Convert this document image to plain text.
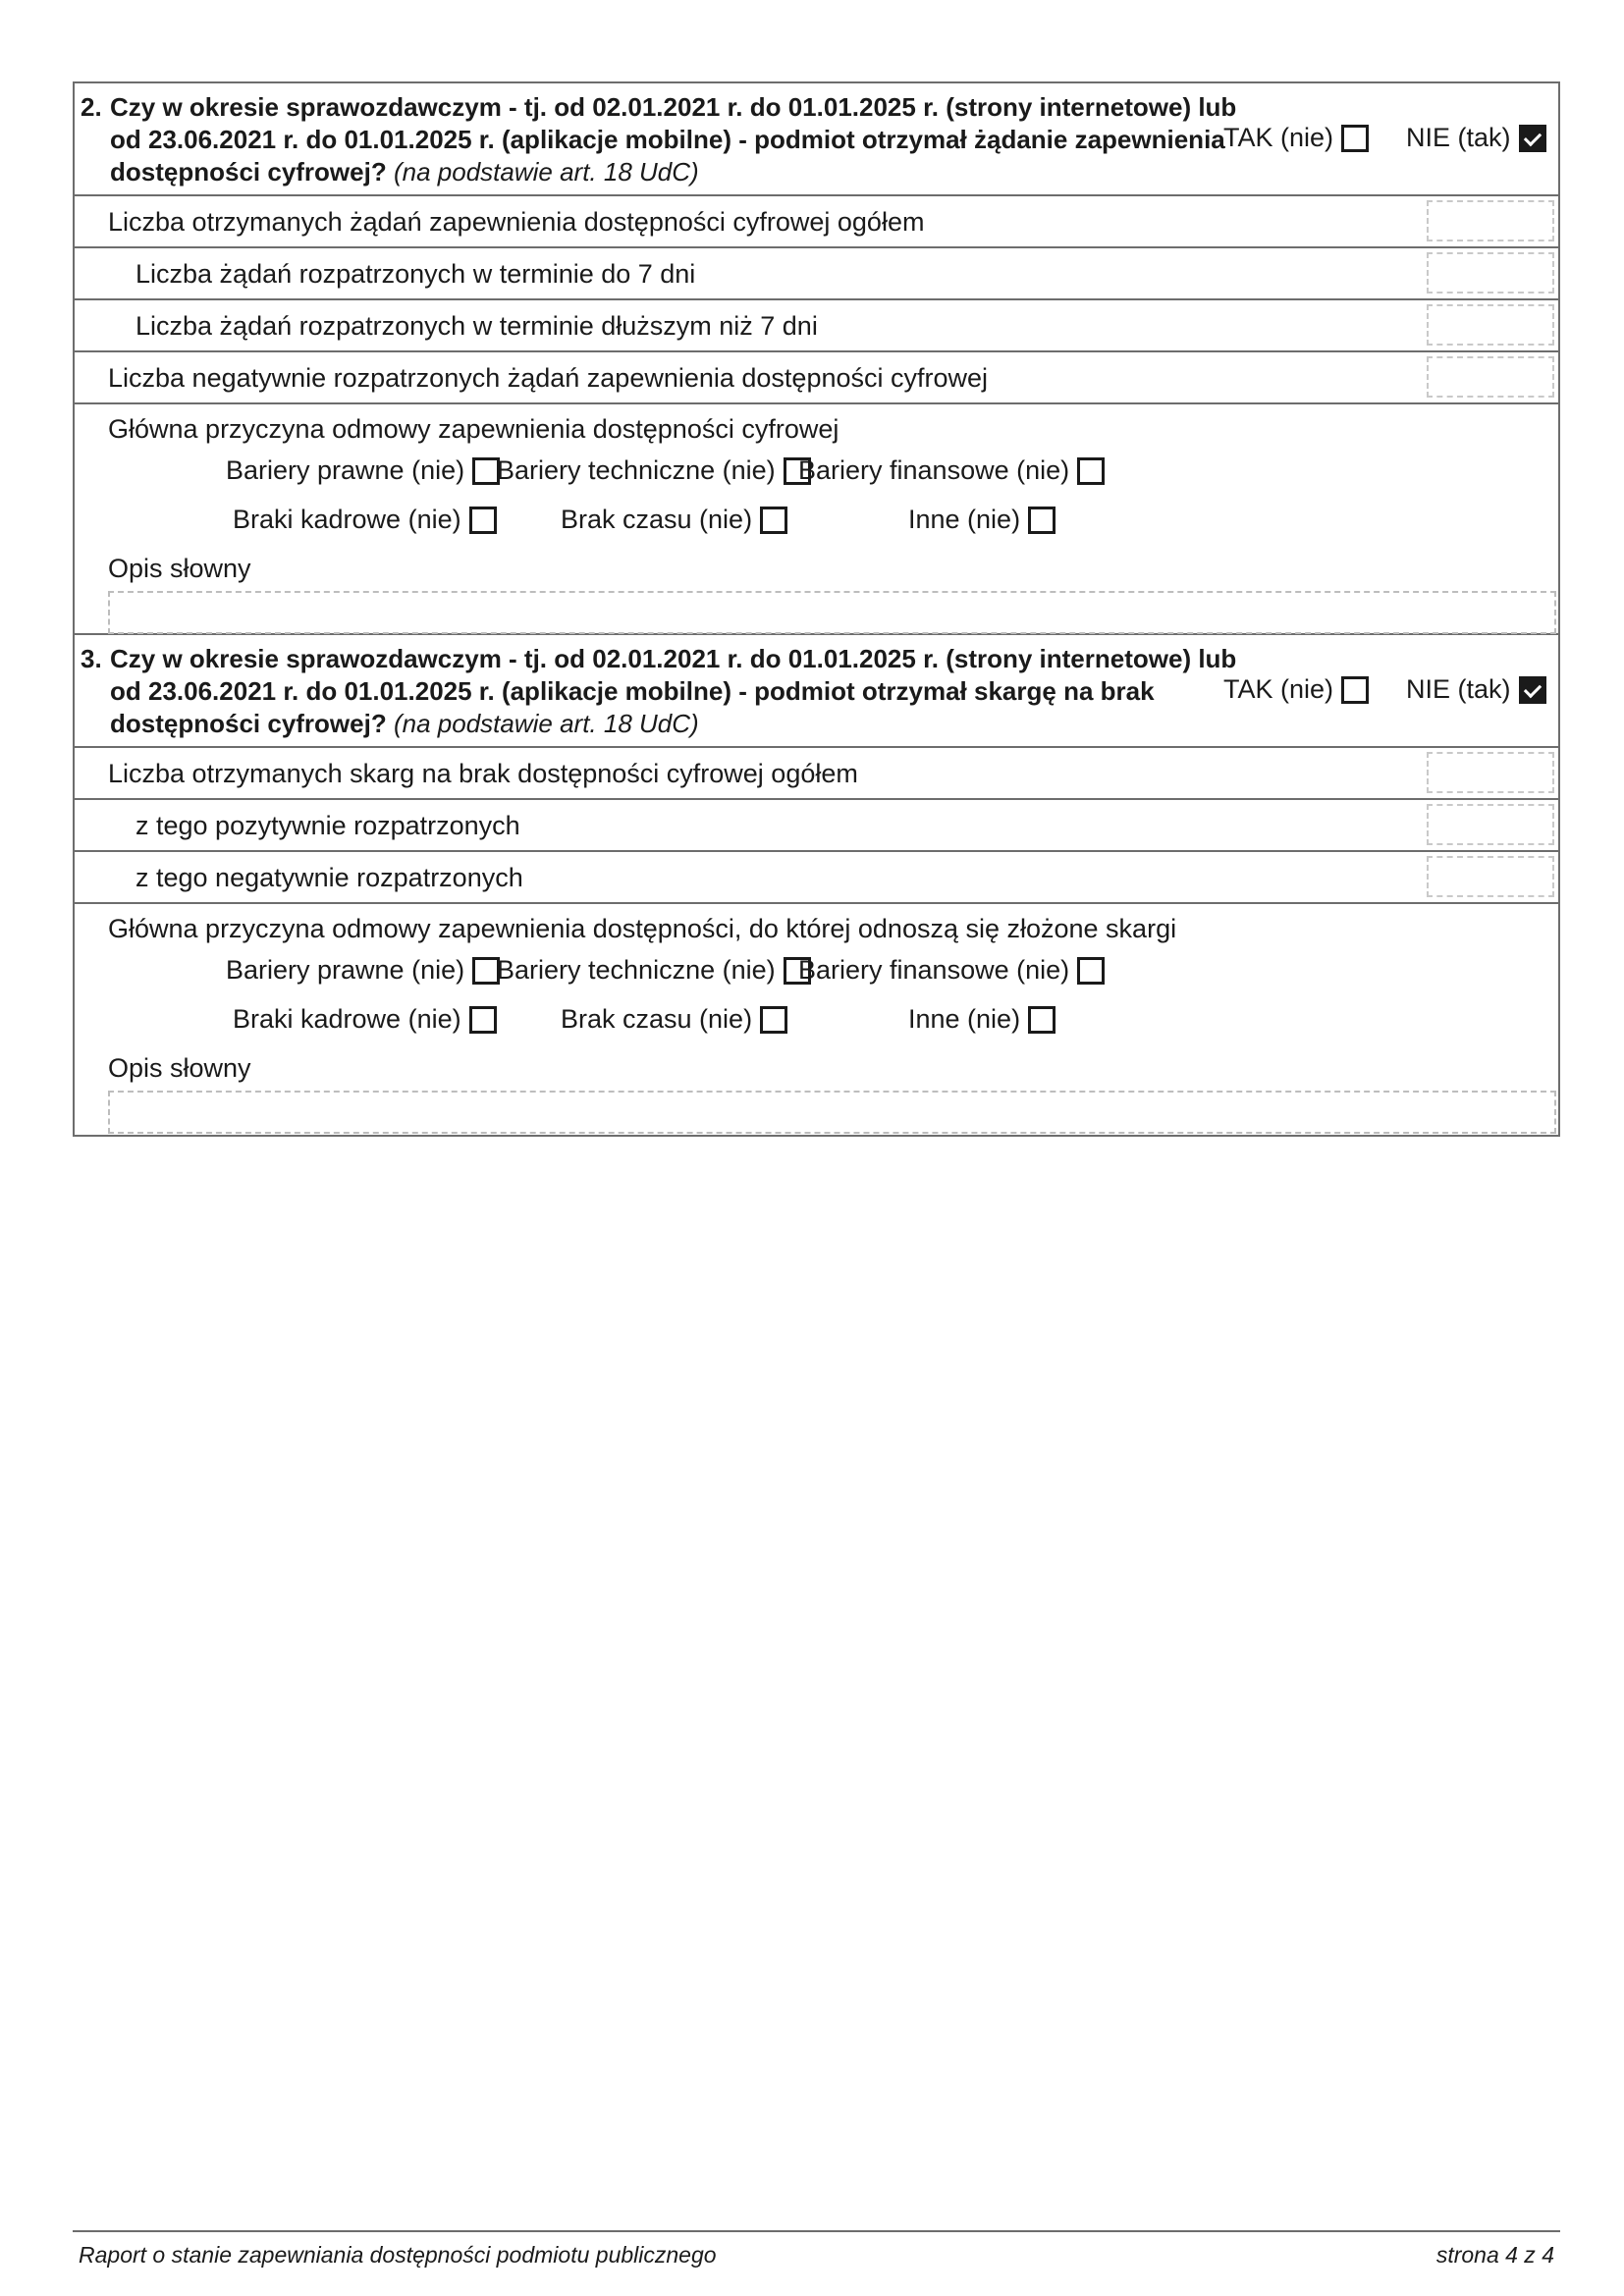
2. Czy w okresie sprawozdawczym - tj. od 02.01.2021 r. do 01.01.2025 r. (strony internetowe) lub od 23.06.2021 r. do 01.01.2025 r. (aplikacje mobilne) - podmiot otrzymał żądanie zapewnienia dostępności cyfrowej? (na podstawie art. 18 UdC)
TAK (nie)	NIE (tak)
Liczba otrzymanych żądań zapewnienia dostępności cyfrowej ogółem
Liczba żądań rozpatrzonych w terminie do 7 dni
Liczba żądań rozpatrzonych w terminie dłuższym niż 7 dni
Liczba negatywnie rozpatrzonych żądań zapewnienia dostępności cyfrowej
Główna przyczyna odmowy zapewnienia dostępności cyfrowej
Bariery prawne (nie) Bariery techniczne (nie) Bariery finansowe (nie)
Braki kadrowe (nie)	Brak czasu (nie)	Inne (nie)
Opis słowny
3. Czy w okresie sprawozdawczym - tj. od 02.01.2021 r. do 01.01.2025 r. (strony internetowe) lub od 23.06.2021 r. do 01.01.2025 r. (aplikacje mobilne) - podmiot otrzymał skargę na brak dostępności cyfrowej? (na podstawie art. 18 UdC)
TAK (nie)	NIE (tak)
Liczba otrzymanych skarg na brak dostępności cyfrowej ogółem
z tego pozytywnie rozpatrzonych
z tego negatywnie rozpatrzonych
Główna przyczyna odmowy zapewnienia dostępności, do której odnoszą się złożone skargi
Bariery prawne (nie) Bariery techniczne (nie) Bariery finansowe (nie)
Braki kadrowe (nie)	Brak czasu (nie)	Inne (nie)
Opis słowny
Raport o stanie zapewniania dostępności podmiotu publicznego	strona 4 z 4
